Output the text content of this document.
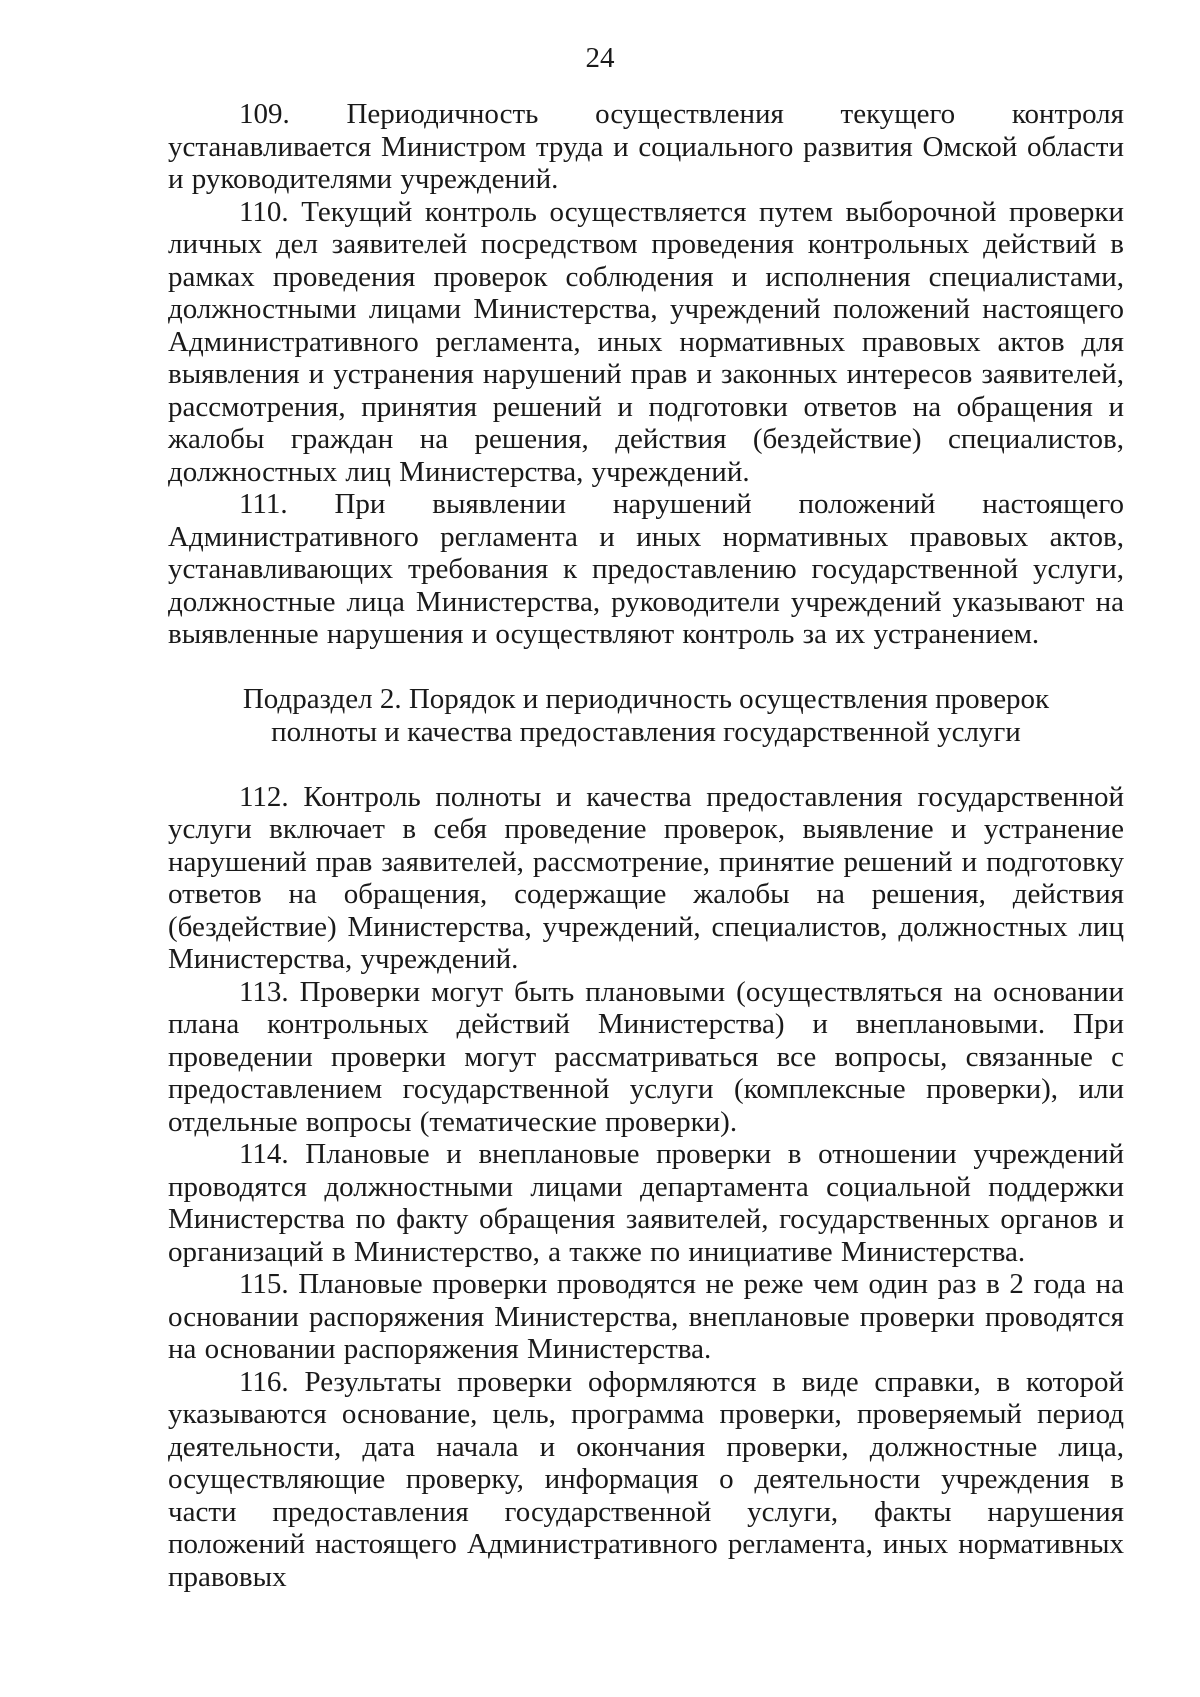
24

109. Периодичность осуществления текущего контроля устанавливается Министром труда и социального развития Омской области и руководителями учреждений.

110. Текущий контроль осуществляется путем выборочной проверки личных дел заявителей посредством проведения контрольных действий в рамках проведения проверок соблюдения и исполнения специалистами, должностными лицами Министерства, учреждений положений настоящего Административного регламента, иных нормативных правовых актов для выявления и устранения нарушений прав и законных интересов заявителей, рассмотрения, принятия решений и подготовки ответов на обращения и жалобы граждан на решения, действия (бездействие) специалистов, должностных лиц Министерства, учреждений.

111. При выявлении нарушений положений настоящего Административного регламента и иных нормативных правовых актов, устанавливающих требования к предоставлению государственной услуги, должностные лица Министерства, руководители учреждений указывают на выявленные нарушения и осуществляют контроль за их устранением.

Подраздел 2. Порядок и периодичность осуществления проверок
полноты и качества предоставления государственной услуги

112. Контроль полноты и качества предоставления государственной услуги включает в себя проведение проверок, выявление и устранение нарушений прав заявителей, рассмотрение, принятие решений и подготовку ответов на обращения, содержащие жалобы на решения, действия (бездействие) Министерства, учреждений, специалистов, должностных лиц Министерства, учреждений.

113. Проверки могут быть плановыми (осуществляться на основании плана контрольных действий Министерства) и внеплановыми. При проведении проверки могут рассматриваться все вопросы, связанные с предоставлением государственной услуги (комплексные проверки), или отдельные вопросы (тематические проверки).

114. Плановые и внеплановые проверки в отношении учреждений проводятся должностными лицами департамента социальной поддержки Министерства по факту обращения заявителей, государственных органов и организаций в Министерство, а также по инициативе Министерства.

115. Плановые проверки проводятся не реже чем один раз в 2 года на основании распоряжения Министерства, внеплановые проверки проводятся на основании распоряжения Министерства.

116. Результаты проверки оформляются в виде справки, в которой указываются основание, цель, программа проверки, проверяемый период деятельности, дата начала и окончания проверки, должностные лица, осуществляющие проверку, информация о деятельности учреждения в части предоставления государственной услуги, факты нарушения положений настоящего Административного регламента, иных нормативных правовых
